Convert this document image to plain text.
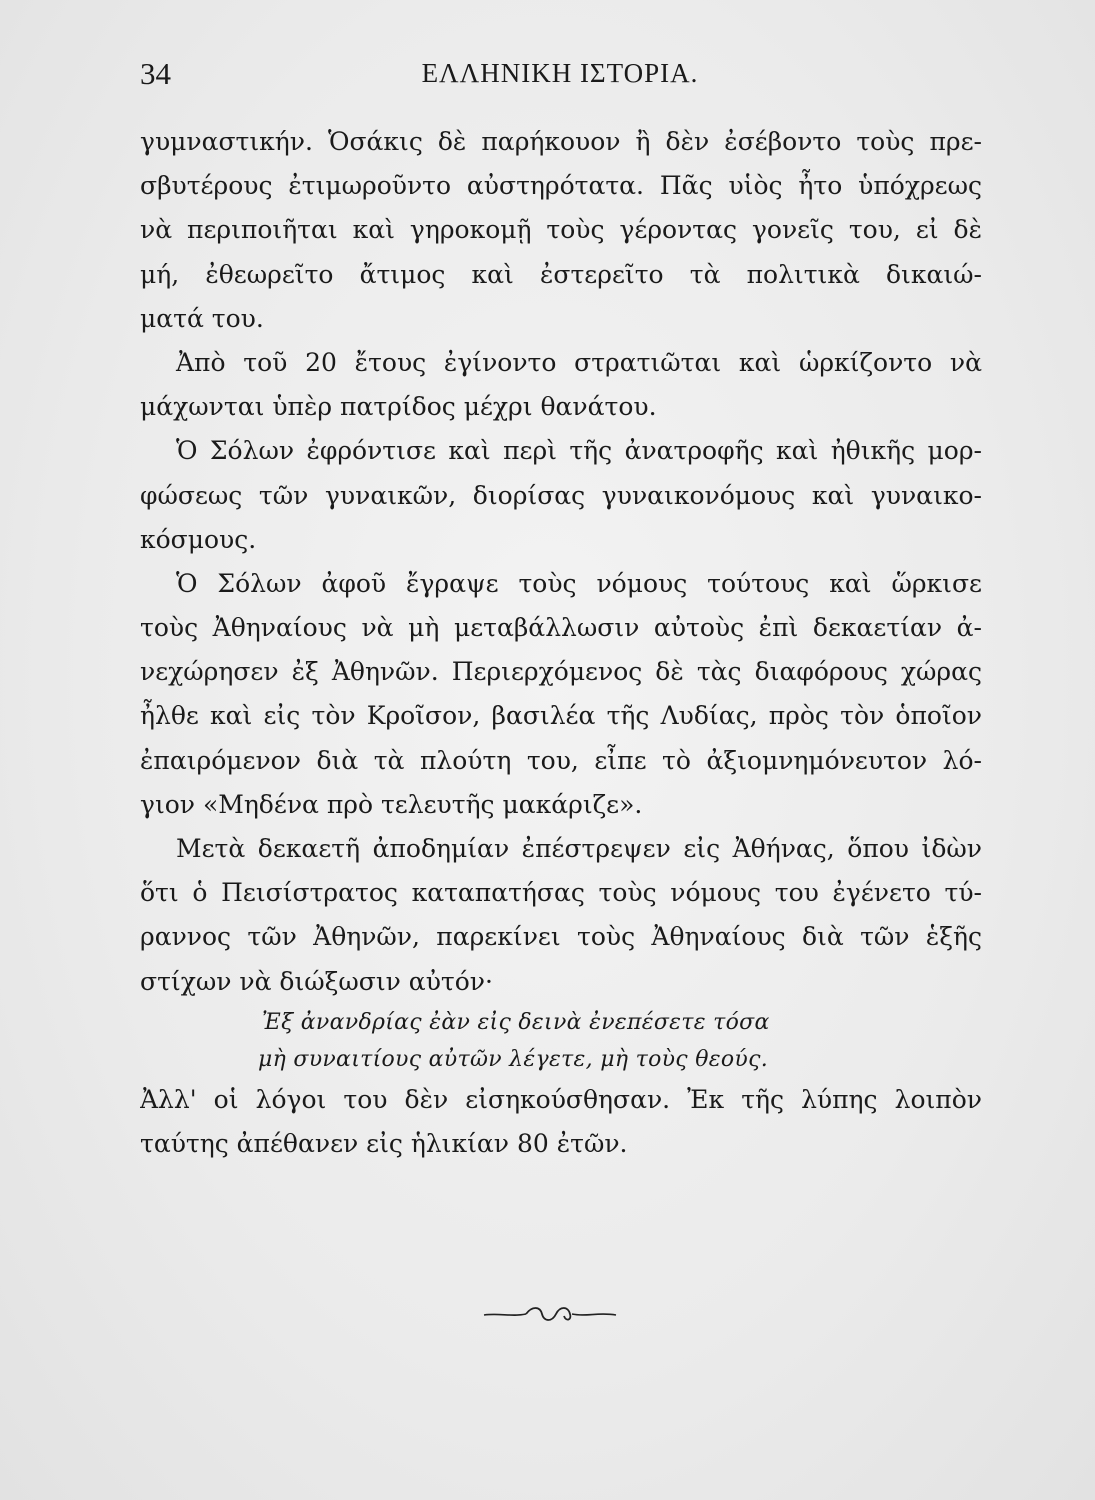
34	ΕΛΛΗΝΙΚΗ ΙΣΤΟΡΙΑ.
γυμναστικήν. Ὁσάκις δὲ παρήκουον ἢ δὲν ἐσέβοντο τοὺς πρε-
σβυτέρους ἐτιμωροῦντο αὐστηρότατα. Πᾶς υἱὸς ἦτο ὑπόχρεως
νὰ περιποιῆται καὶ γηροκομῇ τοὺς γέροντας γονεῖς του, εἰ δὲ
μή, ἐθεωρεῖτο ἄτιμος καὶ ἐστερεῖτο τὰ πολιτικὰ δικαιώ-
ματά του.
Ἀπὸ τοῦ 20 ἔτους ἐγίνοντο στρατιῶται καὶ ὡρκίζοντο νὰ
μάχωνται ὑπὲρ πατρίδος μέχρι θανάτου.
Ὁ Σόλων ἐφρόντισε καὶ περὶ τῆς ἀνατροφῆς καὶ ἠθικῆς μορ-
φώσεως τῶν γυναικῶν, διορίσας γυναικονόμους καὶ γυναικο-
κόσμους.
Ὁ Σόλων ἀφοῦ ἔγραψε τοὺς νόμους τούτους καὶ ὥρκισε
τοὺς Ἀθηναίους νὰ μὴ μεταβάλλωσιν αὐτοὺς ἐπὶ δεκαετίαν ἀ-
νεχώρησεν ἐξ Ἀθηνῶν. Περιερχόμενος δὲ τὰς διαφόρους χώρας
ἦλθε καὶ εἰς τὸν Κροῖσον, βασιλέα τῆς Λυδίας, πρὸς τὸν ὁποῖον
ἐπαιρόμενον διὰ τὰ πλούτη του, εἶπε τὸ ἀξιομνημόνευτον λό-
γιον «Μηδένα πρὸ τελευτῆς μακάριζε».
Μετὰ δεκαετῆ ἀποδημίαν ἐπέστρεψεν εἰς Ἀθήνας, ὅπου ἰδὼν
ὅτι ὁ Πεισίστρατος καταπατήσας τοὺς νόμους του ἐγένετο τύ-
ραννος τῶν Ἀθηνῶν, παρεκίνει τοὺς Ἀθηναίους διὰ τῶν ἑξῆς
στίχων νὰ διώξωσιν αὐτόν·
Ἐξ ἀνανδρίας ἐὰν εἰς δεινὰ ἐνεπέσετε τόσα
μὴ συναιτίους αὐτῶν λέγετε, μὴ τοὺς θεούς.
Ἀλλ' οἱ λόγοι του δὲν εἰσηκούσθησαν. Ἐκ τῆς λύπης λοιπὸν
ταύτης ἀπέθανεν εἰς ἡλικίαν 80 ἐτῶν.
